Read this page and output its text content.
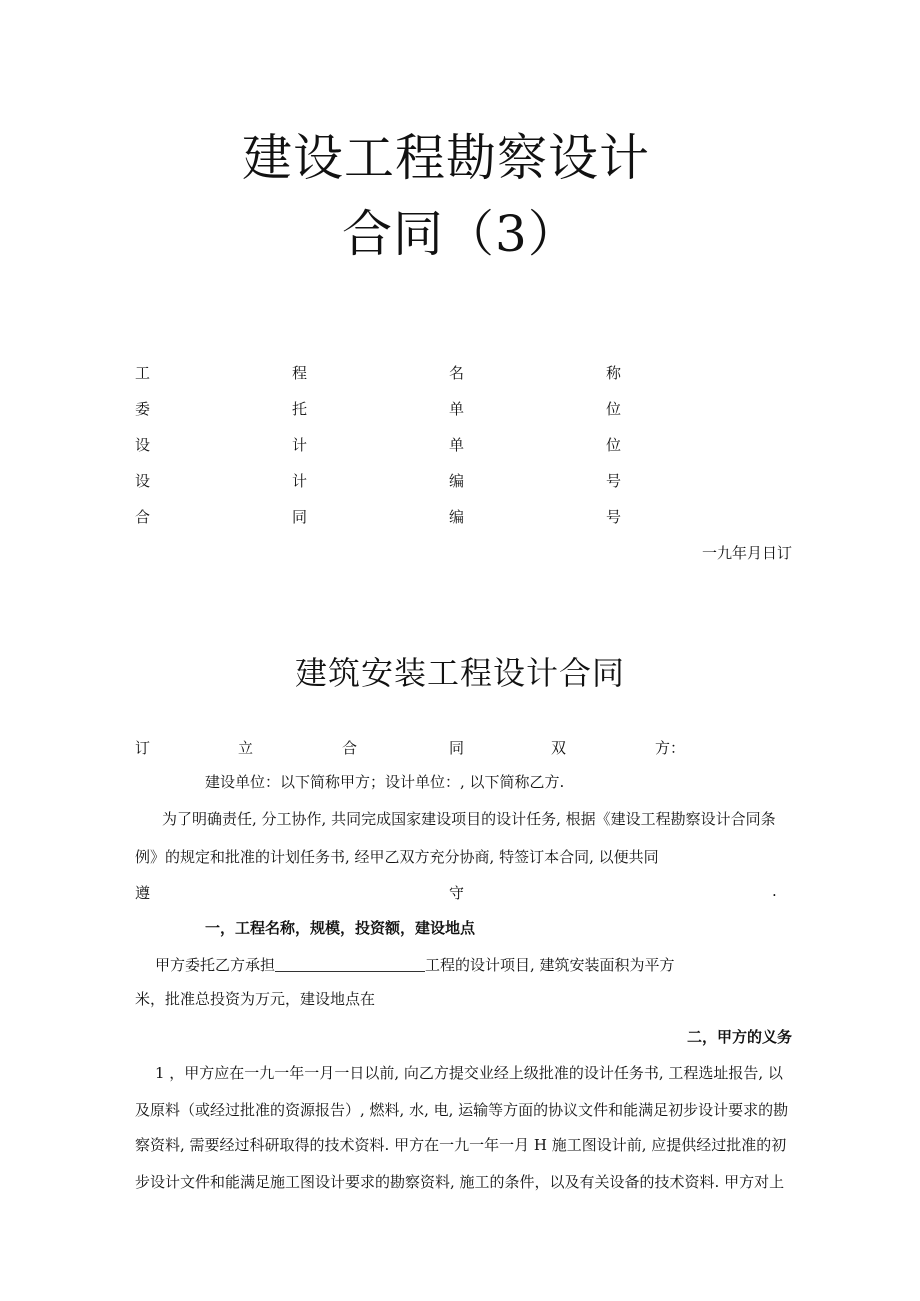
建设工程勘察设计
合同（3）
工	程	名	称
委	托	单	位
设	计	单	位
设	计	编	号
合	同	编	号
一九年月日订
建筑安装工程设计合同
订	立	合	同	双	方：
建设单位：以下简称甲方；设计单位：, 以下简称乙方.
为了明确责任, 分工协作, 共同完成国家建设项目的设计任务, 根据《建设工程勘察设计合同条
例》的规定和批准的计划任务书, 经甲乙双方充分协商, 特签订本合同, 以便共同
遵	守	.
一，工程名称，规模，投资额，建设地点
甲方委托乙方承担	工程的设计项目, 建筑安装面积为平方
米，批准总投资为万元，建设地点在
二，甲方的义务
1 ，甲方应在一九一年一月一日以前, 向乙方提交业经上级批准的设计任务书, 工程选址报告, 以
及原料（或经过批准的资源报告）, 燃料, 水, 电, 运输等方面的协议文件和能满足初步设计要求的勘
察资料, 需要经过科研取得的技术资料. 甲方在一九一年一月 H 施工图设计前, 应提供经过批准的初
步设计文件和能满足施工图设计要求的勘察资料, 施工的条件，以及有关设备的技术资料. 甲方对上
